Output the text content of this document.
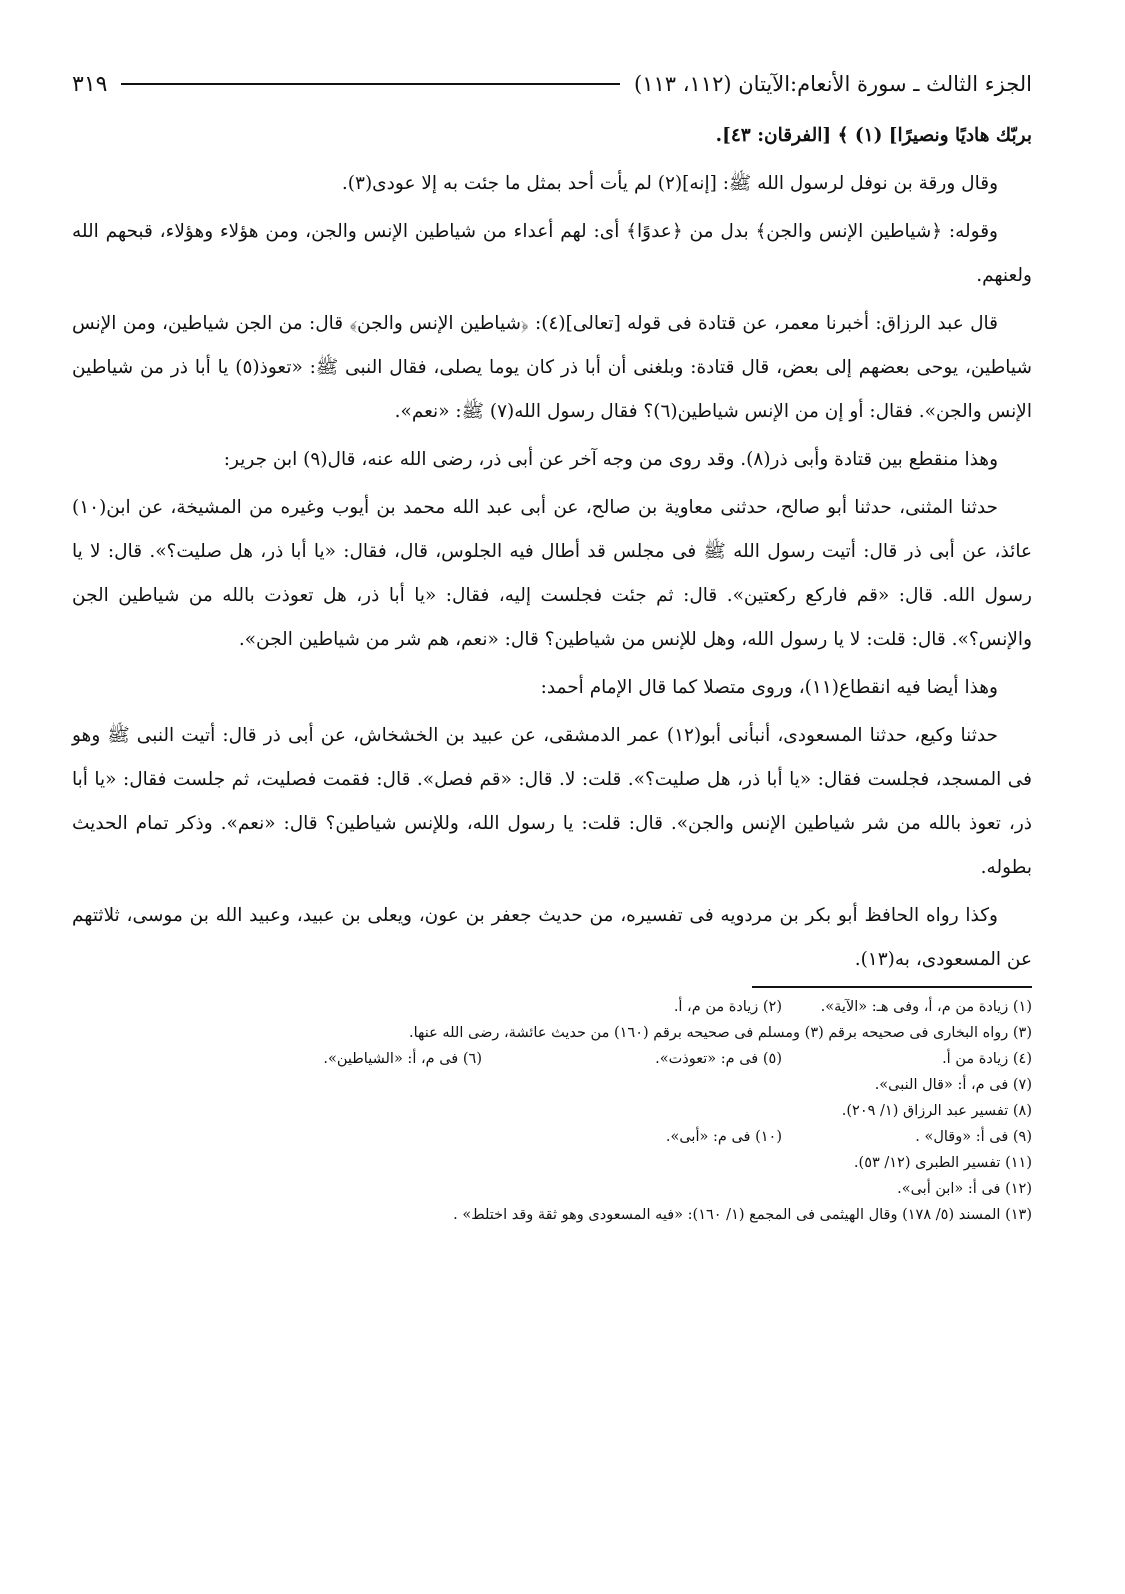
الجزء الثالث ـ سورة الأنعام:الآيتان (١١٢، ١١٣)
٣١٩

بربّك هاديًا ونصيرًا] (١) ﴾ [الفرقان: ٤٣].

وقال ورقة بن نوفل لرسول الله ﷺ: [إنه](٢) لم يأت أحد بمثل ما جئت به إلا عودى(٣).

وقوله: ﴿شياطين الإنس والجن﴾ بدل من ﴿عدوًا﴾ أى: لهم أعداء من شياطين الإنس والجن، ومن هؤلاء وهؤلاء، قبحهم الله ولعنهم.

قال عبد الرزاق: أخبرنا معمر، عن قتادة فى قوله [تعالى](٤): ﴿شياطين الإنس والجن﴾ قال: من الجن شياطين، ومن الإنس شياطين، يوحى بعضهم إلى بعض، قال قتادة: وبلغنى أن أبا ذر كان يوما يصلى، فقال النبى ﷺ: «تعوذ(٥) يا أبا ذر من شياطين الإنس والجن». فقال: أو إن من الإنس شياطين(٦)؟ فقال رسول الله(٧) ﷺ: «نعم».

وهذا منقطع بين قتادة وأبى ذر(٨). وقد روى من وجه آخر عن أبى ذر، رضى الله عنه، قال(٩) ابن جرير:

حدثنا المثنى، حدثنا أبو صالح، حدثنى معاوية بن صالح، عن أبى عبد الله محمد بن أيوب وغيره من المشيخة، عن ابن(١٠) عائذ، عن أبى ذر قال: أتيت رسول الله ﷺ فى مجلس قد أطال فيه الجلوس، قال، فقال: «يا أبا ذر، هل صليت؟». قال: لا يا رسول الله. قال: «قم فاركع ركعتين». قال: ثم جئت فجلست إليه، فقال: «يا أبا ذر، هل تعوذت بالله من شياطين الجن والإنس؟». قال: قلت: لا يا رسول الله، وهل للإنس من شياطين؟ قال: «نعم، هم شر من شياطين الجن».

وهذا أيضا فيه انقطاع(١١)، وروى متصلا كما قال الإمام أحمد:

حدثنا وكيع، حدثنا المسعودى، أنبأنى أبو(١٢) عمر الدمشقى، عن عبيد بن الخشخاش، عن أبى ذر قال: أتيت النبى ﷺ وهو فى المسجد، فجلست فقال: «يا أبا ذر، هل صليت؟». قلت: لا. قال: «قم فصل». قال: فقمت فصليت، ثم جلست فقال: «يا أبا ذر، تعوذ بالله من شر شياطين الإنس والجن». قال: قلت: يا رسول الله، وللإنس شياطين؟ قال: «نعم». وذكر تمام الحديث بطوله.

وكذا رواه الحافظ أبو بكر بن مردويه فى تفسيره، من حديث جعفر بن عون، ويعلى بن عبيد، وعبيد الله بن موسى، ثلاثتهم عن المسعودى، به(١٣).

(١) زيادة من م، أ، وفى هـ: «الآية».
(٢) زيادة من م، أ.
(٣) رواه البخارى فى صحيحه برقم (٣) ومسلم فى صحيحه برقم (١٦٠) من حديث عائشة، رضى الله عنها.
(٤) زيادة من أ.
(٥) فى م: «تعوذت».
(٦) فى م، أ: «الشياطين».
(٧) فى م، أ: «قال النبى».
(٨) تفسير عبد الرزاق (١/ ٢٠٩).
(٩) فى أ: «وقال» .
(١٠) فى م: «أبى».
(١١) تفسير الطبرى (١٢/ ٥٣).
(١٢) فى أ: «ابن أبى».
(١٣) المسند (٥/ ١٧٨) وقال الهيثمى فى المجمع (١/ ١٦٠): «فيه المسعودى وهو ثقة وقد اختلط» .
